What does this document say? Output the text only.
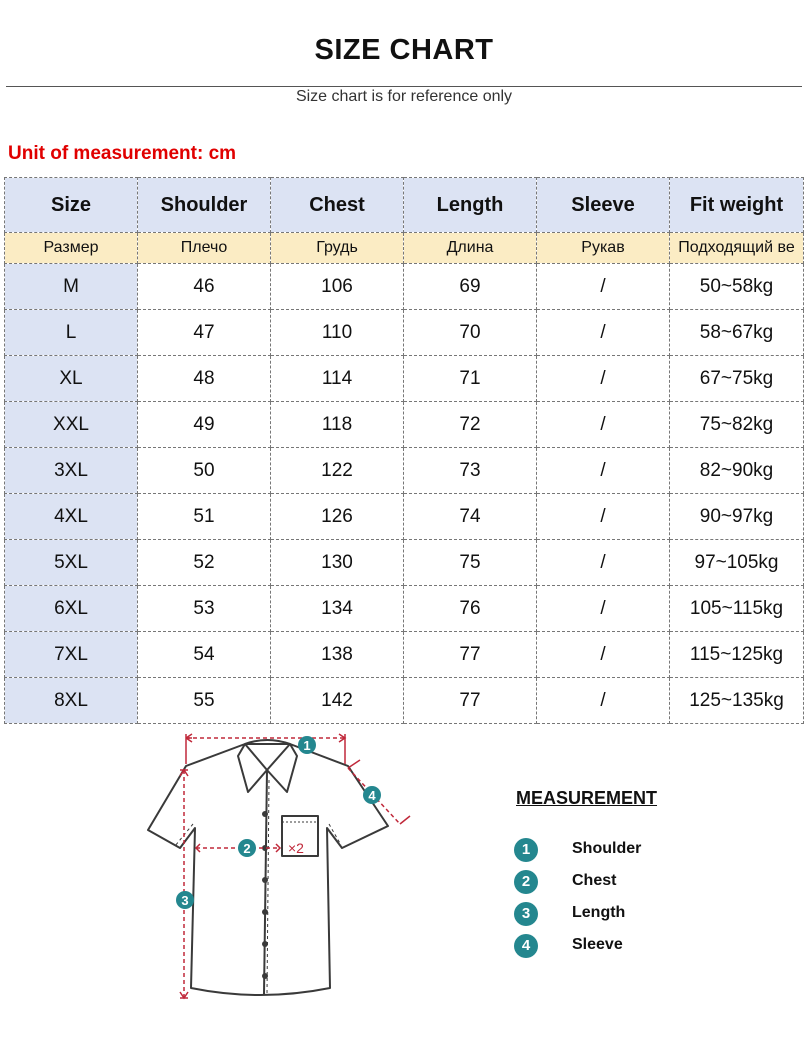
SIZE CHART
Size chart is for reference only
Unit of measurement: cm
Size	Shoulder	Chest	Length	Sleeve	Fit weight
Размер	Плечо	Грудь	Длина	Рукав	Подходящий ве
M	46	106	69	/	50~58kg
L	47	110	70	/	58~67kg
XL	48	114	71	/	67~75kg
XXL	49	118	72	/	75~82kg
3XL	50	122	73	/	82~90kg
4XL	51	126	74	/	90~97kg
5XL	52	130	75	/	97~105kg
6XL	53	134	76	/	105~115kg
7XL	54	138	77	/	115~125kg
8XL	55	142	77	/	125~135kg
1
2	×2
3
4	MEASUREMENT
1	Shoulder
2	Chest
3	Length
4	Sleeve
